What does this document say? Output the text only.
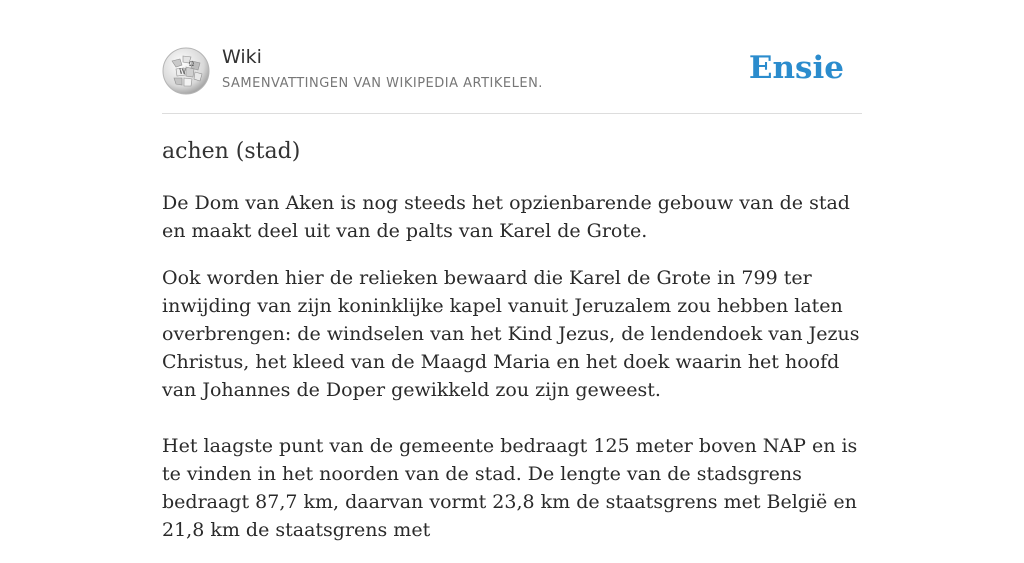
W
Ω Wiki
SAMENVATTINGEN VAN WIKIPEDIA ARTIKELEN.	Ensie
achen (stad)

De Dom van Aken is nog steeds het opzienbarende gebouw van de stad en maakt deel uit van de palts van Karel de Grote.

Ook worden hier de relieken bewaard die Karel de Grote in 799 ter inwijding van zijn koninklijke kapel vanuit Jeruzalem zou hebben laten overbrengen: de windselen van het Kind Jezus, de lendendoek van Jezus Christus, het kleed van de Maagd Maria en het doek waarin het hoofd van Johannes de Doper gewikkeld zou zijn geweest.

Het laagste punt van de gemeente bedraagt 125 meter boven NAP en is te vinden in het noorden van de stad. De lengte van de stadsgrens bedraagt 87,7 km, daarvan vormt 23,8 km de staatsgrens met België en 21,8 km de staatsgrens met
